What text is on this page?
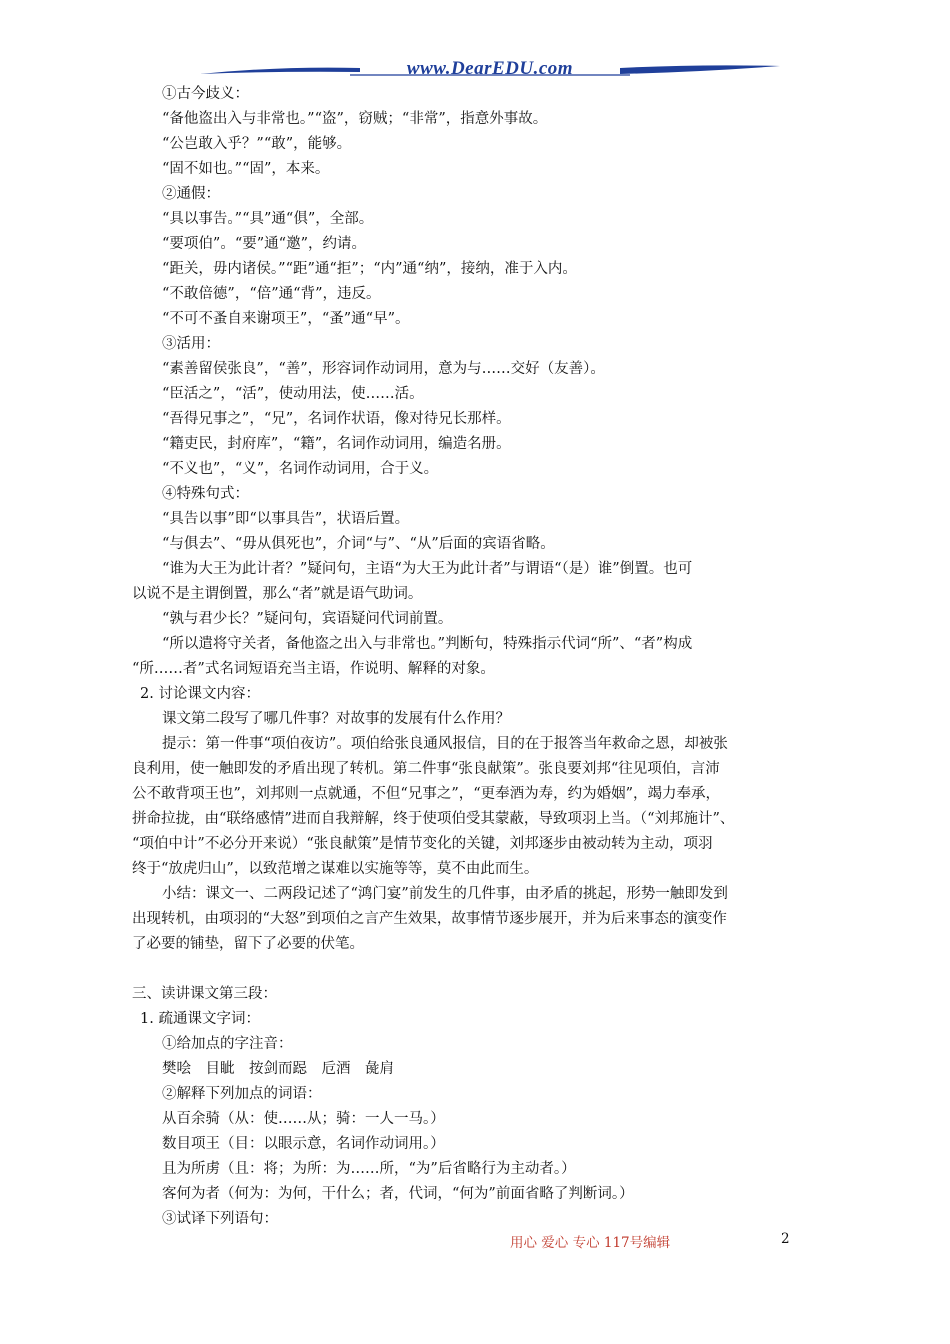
www.DearEDU.com
①古今歧义：
“备他盗出入与非常也。”“盗”，窃贼；“非常”，指意外事故。
“公岂敢入乎？”“敢”，能够。
“固不如也。”“固”，本来。
②通假：
“具以事告。”“具”通“俱”，全部。
“要项伯”。“要”通“邀”，约请。
“距关，毋内诸侯。”“距”通“拒”；“内”通“纳”，接纳，准于入内。
“不敢倍德”，“倍”通“背”，违反。
“不可不蚤自来谢项王”，“蚤”通“早”。
③活用：
“素善留侯张良”，“善”，形容词作动词用，意为与……交好（友善）。
“臣活之”，“活”，使动用法，使……活。
“吾得兄事之”，“兄”，名词作状语，像对待兄长那样。
“籍吏民，封府库”，“籍”，名词作动词用，编造名册。
“不义也”，“义”，名词作动词用，合于义。
④特殊句式：
“具告以事”即“以事具告”，状语后置。
“与俱去”、“毋从俱死也”，介词“与”、“从”后面的宾语省略。
“谁为大王为此计者？”疑问句，主语“为大王为此计者”与谓语“（是）谁”倒置。也可
以说不是主谓倒置，那么“者”就是语气助词。
“孰与君少长？”疑问句，宾语疑问代词前置。
“所以遣将守关者，备他盗之出入与非常也。”判断句，特殊指示代词“所”、“者”构成
“所……者”式名词短语充当主语，作说明、解释的对象。
2. 讨论课文内容：
课文第二段写了哪几件事？对故事的发展有什么作用？
提示：第一件事“项伯夜访”。项伯给张良通风报信，目的在于报答当年救命之恩，却被张
良利用，使一触即发的矛盾出现了转机。第二件事“张良献策”。张良要刘邦“往见项伯，言沛
公不敢背项王也”，刘邦则一点就通，不但“兄事之”，“更奉酒为寿，约为婚姻”，竭力奉承，
拼命拉拢，由“联络感情”进而自我辩解，终于使项伯受其蒙蔽，导致项羽上当。（“刘邦施计”、
“项伯中计”不必分开来说）“张良献策”是情节变化的关键，刘邦逐步由被动转为主动，项羽
终于“放虎归山”，以致范增之谋难以实施等等，莫不由此而生。
小结：课文一、二两段记述了“鸿门宴”前发生的几件事，由矛盾的挑起，形势一触即发到
出现转机，由项羽的“大怒”到项伯之言产生效果，故事情节逐步展开，并为后来事态的演变作
了必要的铺垫，留下了必要的伏笔。
三、读讲课文第三段：
1. 疏通课文字词：
①给加点的字注音：
樊哙　目眦　按剑而跽　卮酒　彘肩
②解释下列加点的词语：
从百余骑（从：使……从；骑：一人一马。）
数目项王（目：以眼示意，名词作动词用。）
且为所虏（且：将；为所：为……所，“为”后省略行为主动者。）
客何为者（何为：为何，干什么；者，代词，“何为”前面省略了判断词。）
③试译下列语句：
用心 爱心 专心 117号编辑	2
